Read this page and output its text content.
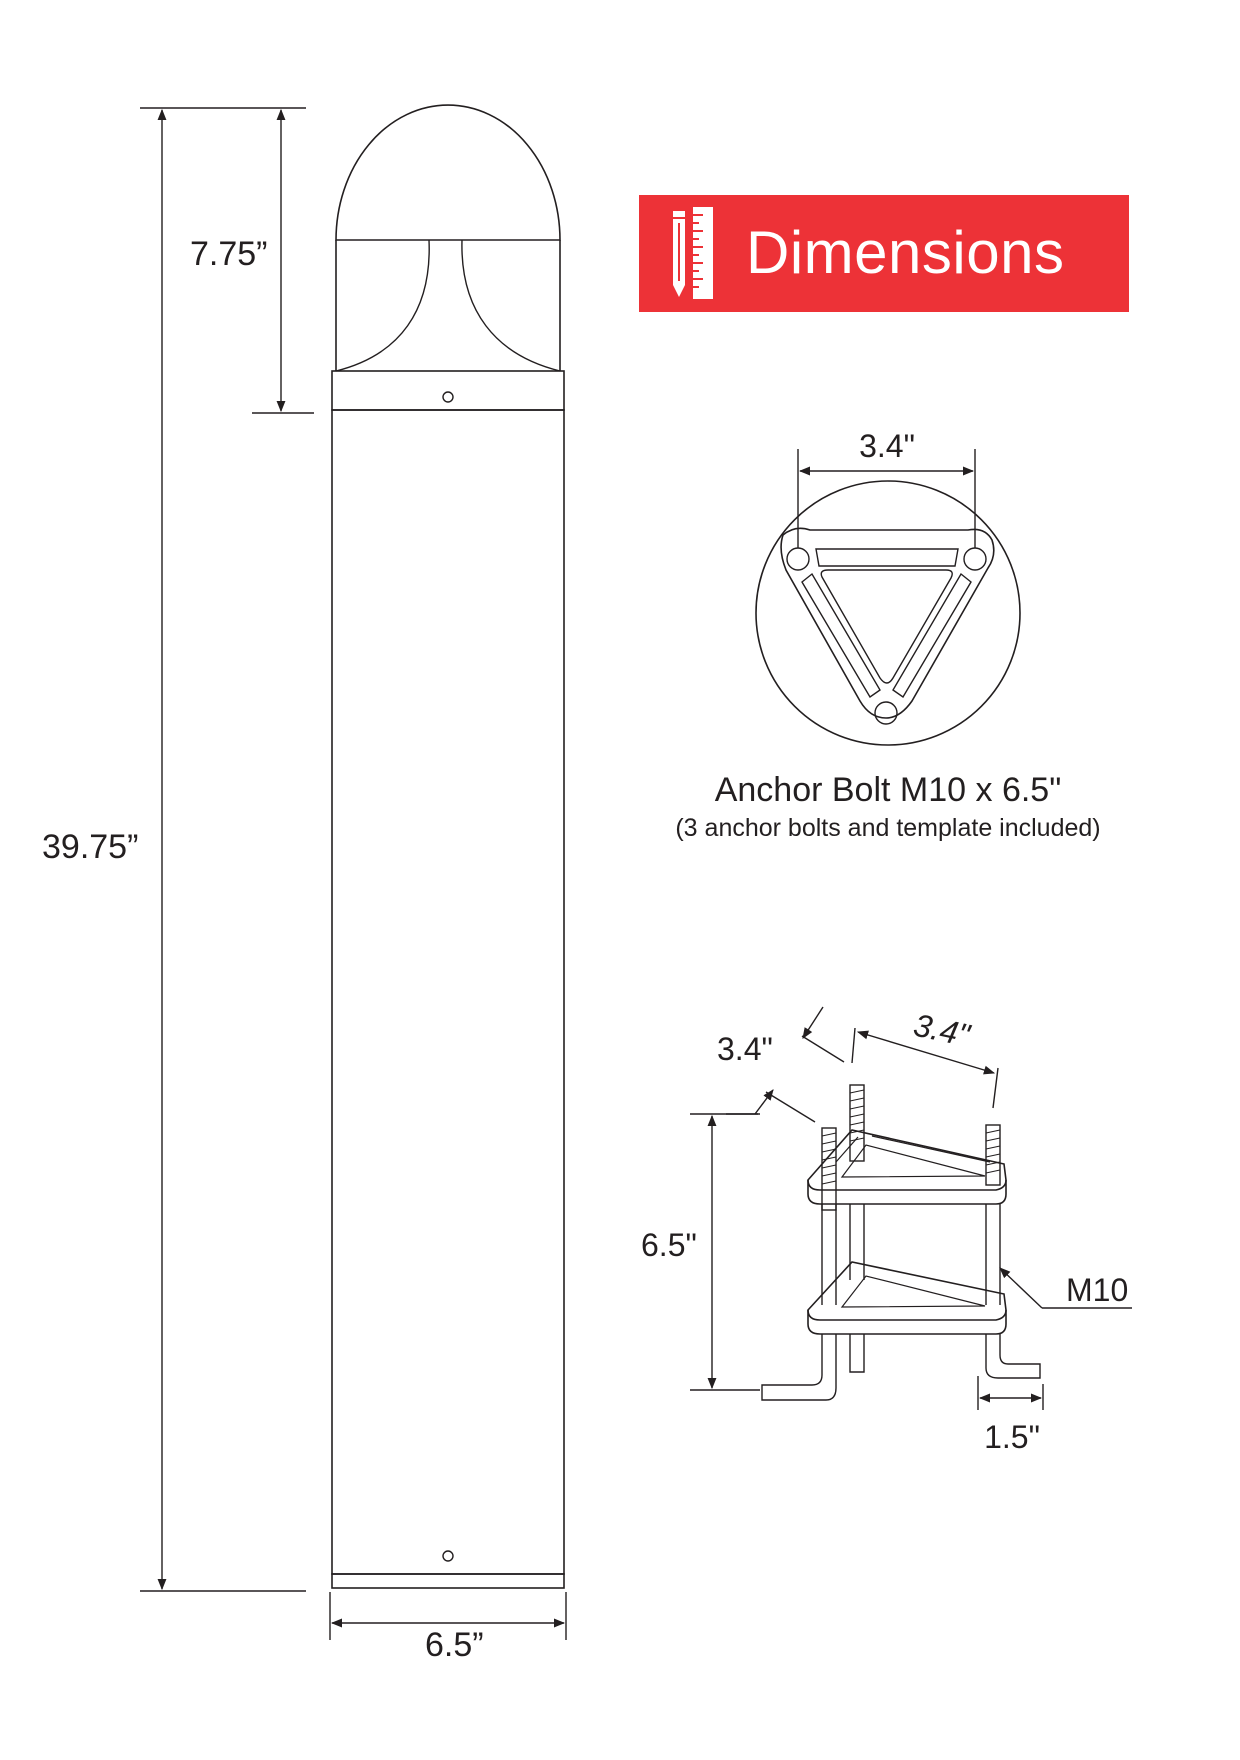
39.75”
7.75”
6.5”
3.4"
Anchor Bolt M10 x 6.5"
(3 anchor bolts and template included)
3.4"	3.4"
6.5"
M10
1.5"
Dimensions
